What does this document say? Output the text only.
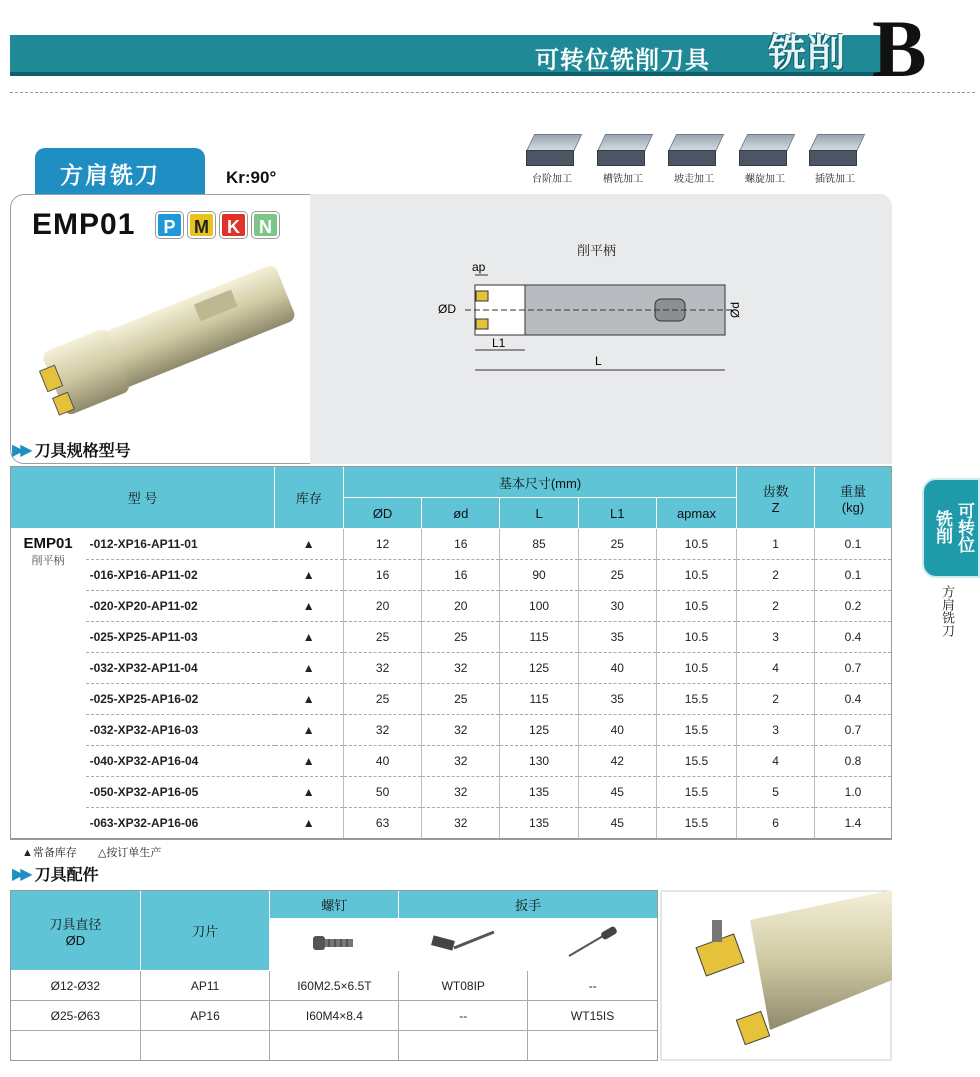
可转位铣削刀具 铣削 B
方肩铣刀	Kr:90°	台阶加工	槽铣加工	坡走加工	螺旋加工	插铣加工
EMP01	P	M	K	N
削平柄
ap
ØD	Ød
L1
L
▶▶ 刀具规格型号
型 号		库存	基本尺寸(mm)					齿数
Z	重量
(kg)
			ØD	ød	L	L1	apmax		

EMP01
削平柄	-012-XP16-AP11-01	▲	12	16	85	25	10.5	1	0.1
	-016-XP16-AP11-02	▲	16	16	90	25	10.5	2	0.1
	-020-XP20-AP11-02	▲	20	20	100	30	10.5	2	0.2
	-025-XP25-AP11-03	▲	25	25	115	35	10.5	3	0.4
	-032-XP32-AP11-04	▲	32	32	125	40	10.5	4	0.7
	-025-XP25-AP16-02	▲	25	25	115	35	15.5	2	0.4
	-032-XP32-AP16-03	▲	32	32	125	40	15.5	3	0.7
	-040-XP32-AP16-04	▲	40	32	130	42	15.5	4	0.8
	-050-XP32-AP16-05	▲	50	32	135	45	15.5	5	1.0
	-063-XP32-AP16-06	▲	63	32	135	45	15.5	6	1.4
▲常备库存 △按订单生产
▶▶ 刀具配件
刀具直径
ØD	刀片	螺钉	扳手	

Ø12-Ø32	AP11	I60M2.5×6.5T	WT08IP	--
Ø25-Ø63	AP16	I60M4×8.4	--	WT15IS

铣削 可转位
方肩铣刀
